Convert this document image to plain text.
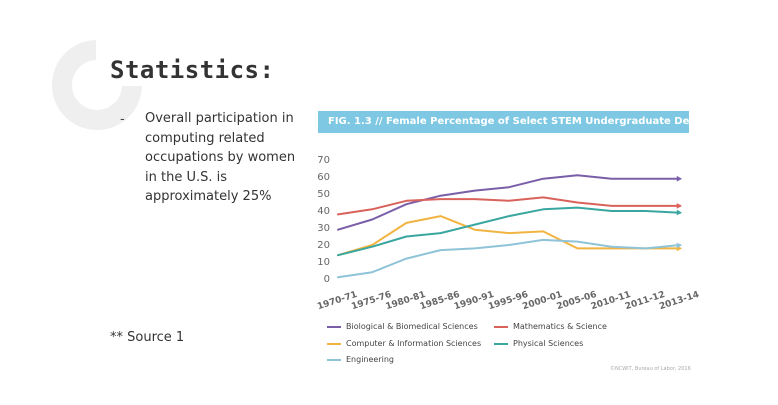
Statistics:
- Overall participation in computing related occupations by women in the U.S. is approximately 25%
** Source 1
FIG. 1.3 // Female Percentage of Select STEM Undergraduate Degree Recipients
0
10
20
30
40
50
60
70
1970-71
1975-76
1980-81
1985-86
1990-91
1995-96
2000-01
2005-06
2010-11
2011-12
2013-14
Biological & Biomedical Sciences	Mathematics & Science
Computer & Information Sciences	Physical Sciences
Engineering
©NCWIT, Bureau of Labor, 2016
